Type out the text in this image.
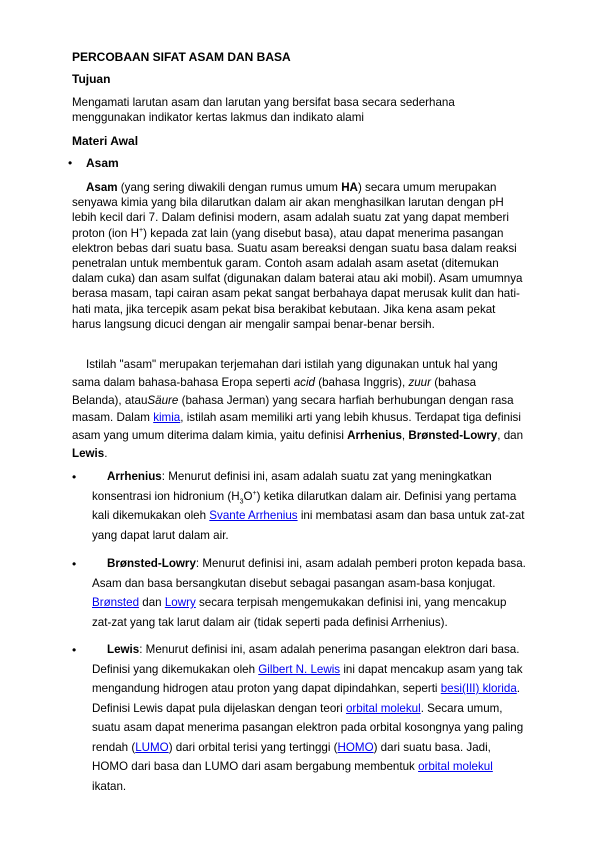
PERCOBAAN SIFAT ASAM DAN BASA
Tujuan
Mengamati larutan asam dan larutan yang bersifat basa secara sederhana menggunakan indikator kertas lakmus dan indikato alami
Materi Awal
• Asam
Asam (yang sering diwakili dengan rumus umum HA) secara umum merupakan senyawa kimia yang bila dilarutkan dalam air akan menghasilkan larutan dengan pH lebih kecil dari 7. Dalam definisi modern, asam adalah suatu zat yang dapat memberi proton (ion H+) kepada zat lain (yang disebut basa), atau dapat menerima pasangan elektron bebas dari suatu basa. Suatu asam bereaksi dengan suatu basa dalam reaksi penetralan untuk membentuk garam. Contoh asam adalah asam asetat (ditemukan dalam cuka) dan asam sulfat (digunakan dalam baterai atau aki mobil). Asam umumnya berasa masam, tapi cairan asam pekat sangat berbahaya dapat merusak kulit dan hati-hati mata, jika tercepik asam pekat bisa berakibat kebutaan. Jika kena asam pekat harus langsung dicuci dengan air mengalir sampai benar-benar bersih.
Istilah "asam" merupakan terjemahan dari istilah yang digunakan untuk hal yang sama dalam bahasa-bahasa Eropa seperti acid (bahasa Inggris), zuur (bahasa Belanda), atauSäure (bahasa Jerman) yang secara harfiah berhubungan dengan rasa masam. Dalam kimia, istilah asam memiliki arti yang lebih khusus. Terdapat tiga definisi asam yang umum diterima dalam kimia, yaitu definisi Arrhenius, Brønsted-Lowry, dan Lewis.
•	Arrhenius: Menurut definisi ini, asam adalah suatu zat yang meningkatkan konsentrasi ion hidronium $(H_3O^+)$ ketika dilarutkan dalam air. Definisi yang pertama kali dikemukakan oleh Svante Arrhenius ini membatasi asam dan basa untuk zat-zat yang dapat larut dalam air.
•	Brønsted-Lowry: Menurut definisi ini, asam adalah pemberi proton kepada basa. Asam dan basa bersangkutan disebut sebagai pasangan asam-basa konjugat. Brønsted dan Lowry secara terpisah mengemukakan definisi ini, yang mencakup zat-zat yang tak larut dalam air (tidak seperti pada definisi Arrhenius).
•	Lewis: Menurut definisi ini, asam adalah penerima pasangan elektron dari basa. Definisi yang dikemukakan oleh Gilbert N. Lewis ini dapat mencakup asam yang tak mengandung hidrogen atau proton yang dapat dipindahkan, seperti besi(III) klorida. Definisi Lewis dapat pula dijelaskan dengan teori orbital molekul. Secara umum, suatu asam dapat menerima pasangan elektron pada orbital kosongnya yang paling rendah (LUMO) dari orbital terisi yang tertinggi (HOMO) dari suatu basa. Jadi, HOMO dari basa dan LUMO dari asam bergabung membentuk orbital molekul ikatan.
